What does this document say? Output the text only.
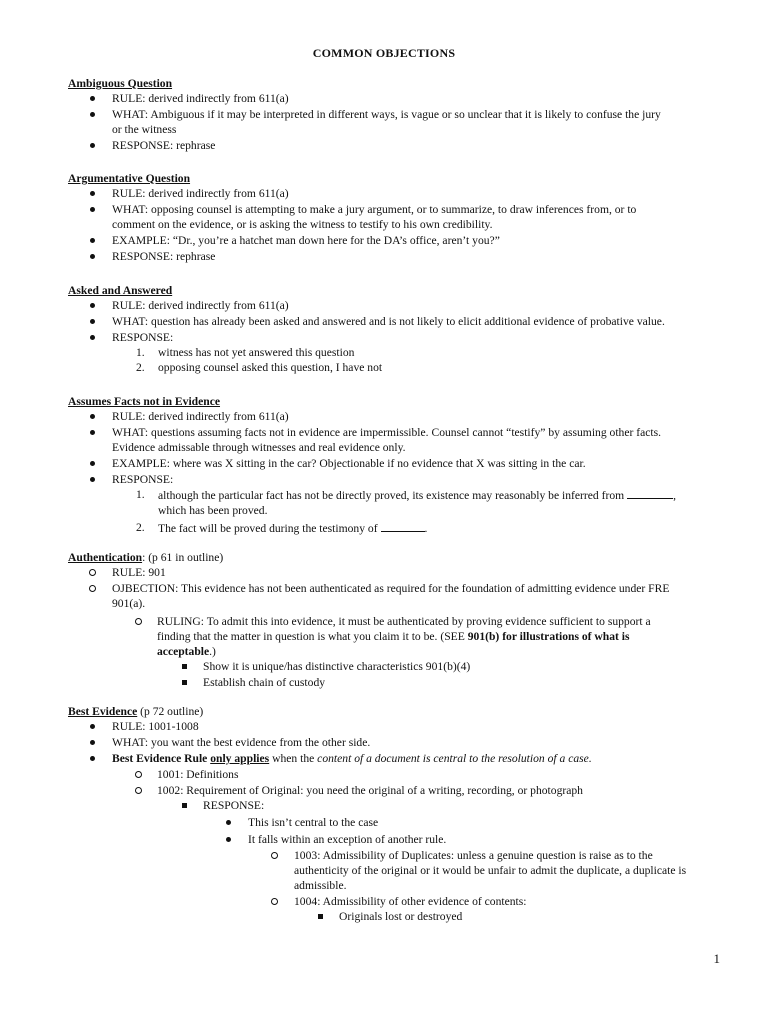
COMMON OBJECTIONS
Ambiguous Question
RULE: derived indirectly from 611(a)
WHAT: Ambiguous if it may be interpreted in different ways, is vague or so unclear that it is likely to confuse the jury
or the witness
RESPONSE: rephrase
Argumentative Question
RULE: derived indirectly from 611(a)
WHAT: opposing counsel is attempting to make a jury argument, or to summarize, to draw inferences from, or to
comment on the evidence, or is asking the witness to testify to his own credibility.
EXAMPLE: “Dr., you’re a hatchet man down here for the DA’s office, aren’t you?”
RESPONSE: rephrase
Asked and Answered
RULE: derived indirectly from 611(a)
WHAT: question has already been asked and answered and is not likely to elicit additional evidence of probative value.
RESPONSE:
1. witness has not yet answered this question
2. opposing counsel asked this question, I have not
Assumes Facts not in Evidence
RULE: derived indirectly from 611(a)
WHAT: questions assuming facts not in evidence are impermissible. Counsel cannot “testify” by assuming other facts.
Evidence admissable through witnesses and real evidence only.
EXAMPLE: where was X sitting in the car? Objectionable if no evidence that X was sitting in the car.
RESPONSE:
1. although the particular fact has not be directly proved, its existence may reasonably be inferred from	,
which has been proved.
2. The fact will be proved during the testimony of	.
Authentication: (p 61 in outline)
RULE: 901
OJBECTION: This evidence has not been authenticated as required for the foundation of admitting evidence under FRE
901(a).
RULING: To admit this into evidence, it must be authenticated by proving evidence sufficient to support a
finding that the matter in question is what you claim it to be. (SEE 901(b) for illustrations of what is
acceptable.)
Show it is unique/has distinctive characteristics 901(b)(4)
Establish chain of custody
Best Evidence (p 72 outline)
RULE: 1001-1008
WHAT: you want the best evidence from the other side.
Best Evidence Rule only applies when the content of a document is central to the resolution of a case.
1001: Definitions
1002: Requirement of Original: you need the original of a writing, recording, or photograph
RESPONSE:
This isn’t central to the case
It falls within an exception of another rule.
1003: Admissibility of Duplicates: unless a genuine question is raise as to the
authenticity of the original or it would be unfair to admit the duplicate, a duplicate is
admissible.
1004: Admissibility of other evidence of contents:
Originals lost or destroyed
1
